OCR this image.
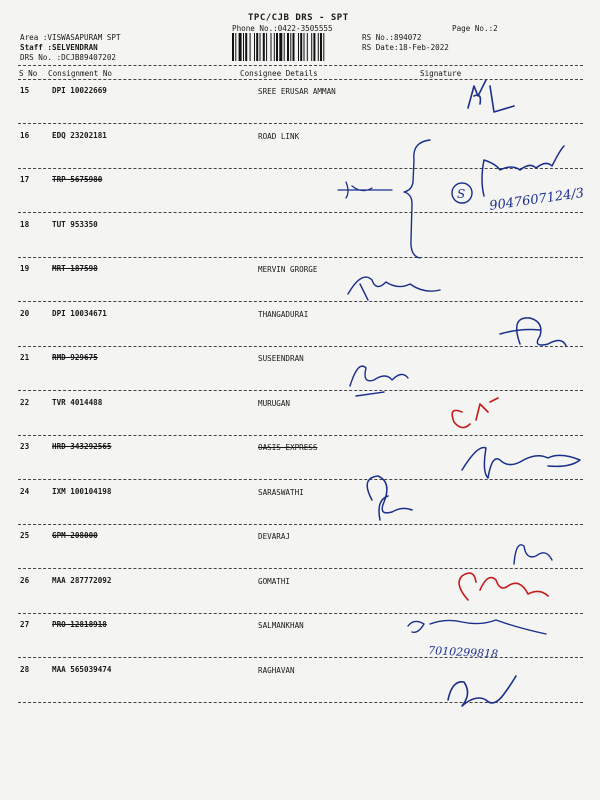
TPC/CJB DRS - SPT
Phone No.:0422-3505555	Page No.:2
Area :VISWASAPURAM SPT
Staff :SELVENDRAN
DRS No. :DCJB89407202
RS No.:894072
RS Date:18-Feb-2022
S No Consignment No	Consignee Details	Signature
15	DPI 10022669	SREE ERUSAR AMMAN
16	EDQ 23202181	ROAD LINK
17	TRP 5675980
18	TUT 953350
19	MRT 187598	MERVIN GRORGE
20	DPI 10034671	THANGADURAI
21	RMD 929675	SUSEENDRAN
22	TVR 4014488	MURUGAN
23	HRD 343292565	OASIS EXPRESS
24	IXM 100104198	SARASWATHI
25	GPM 208000	DEVARAJ
26	MAA 287772092	GOMATHI
27	PRO 12818918	SALMANKHAN
28	MAA 565039474	RAGHAVAN
9047607124/3
7010299818
S
